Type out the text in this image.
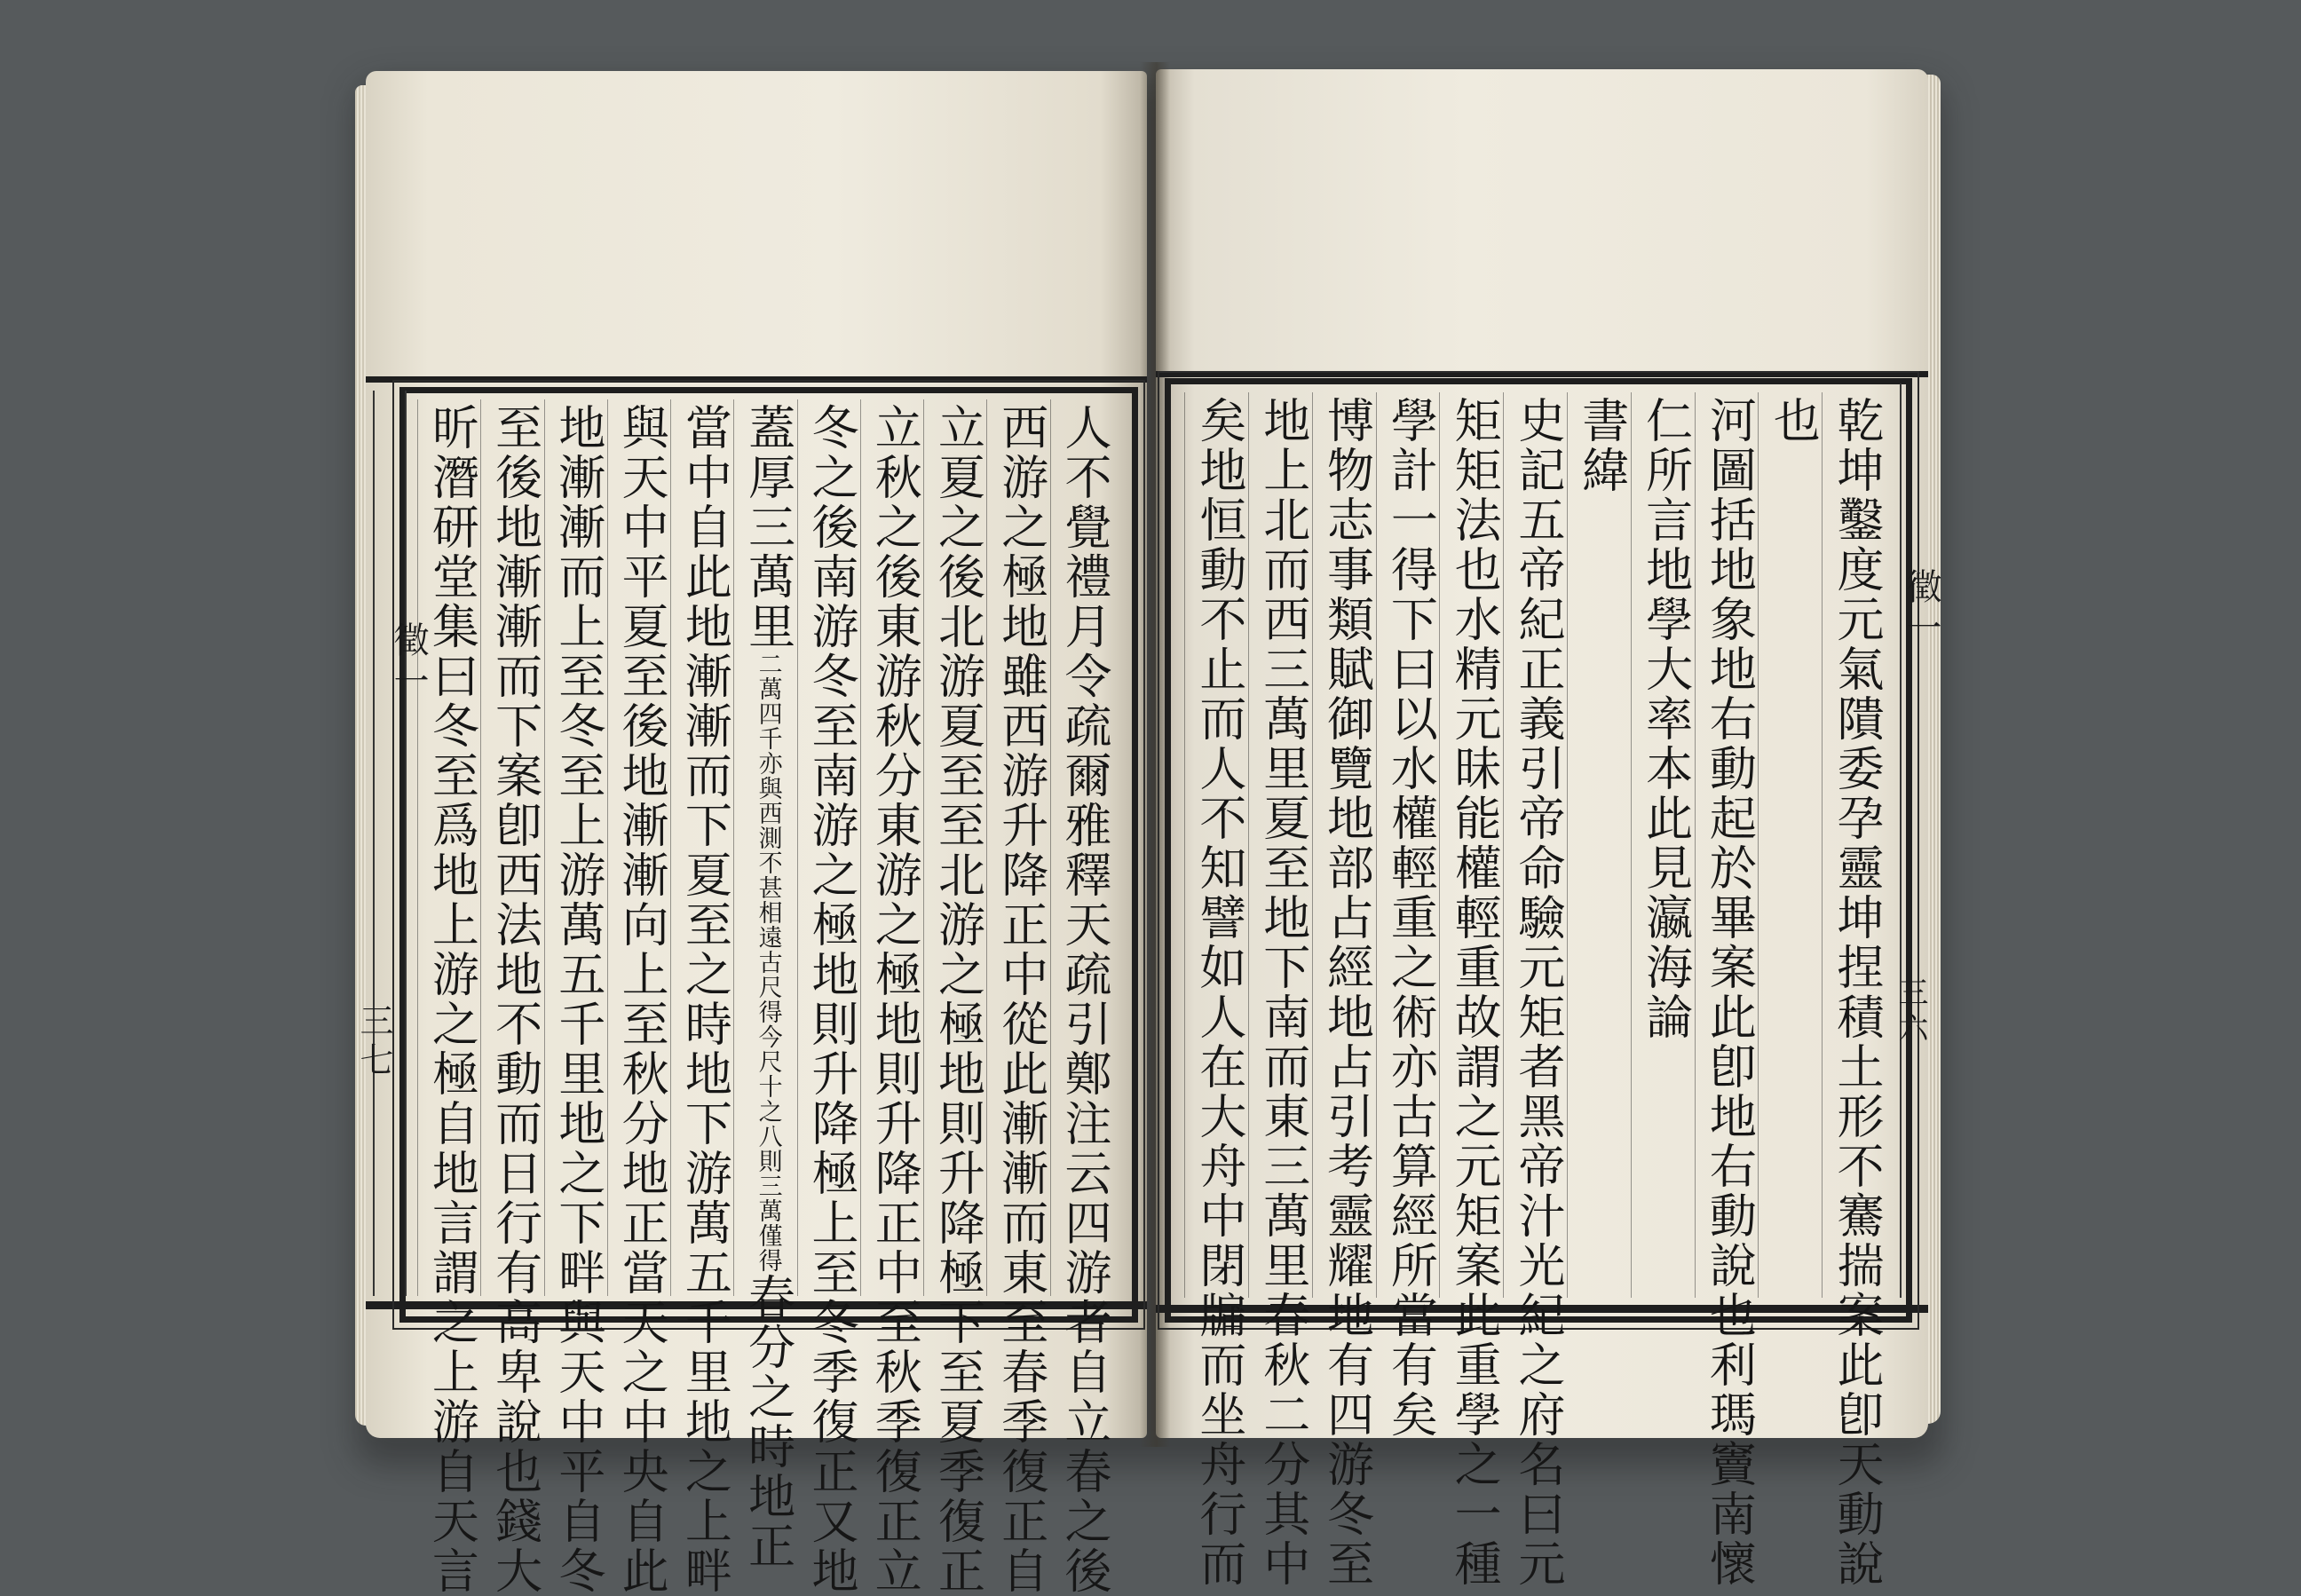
徵一
三七
徵一
三六
人不覺禮月令疏爾雅釋天疏引鄭注云四游者自立春之後
西游之極地雖西游升降正中從此漸漸而東至春季復正自
立夏之後北游夏至至北游之極地則升降極下至夏季復正
立秋之後東游秋分東游之極地則升降正中至秋季復正立
冬之後南游冬至南游之極地則升降極上至冬季復正又地
蓋厚三萬里二萬四千亦與西測不甚相遠古尺得今尺十之八則三萬僅得春分之時地正
當中自此地漸漸而下夏至之時地下游萬五千里地之上畔
與天中平夏至後地漸漸向上至秋分地正當天之中央自此
地漸漸而上至冬至上游萬五千里地之下畔與天中平自冬
至後地漸漸而下案卽西法地不動而日行有高卑說也錢大
昕潛研堂集曰冬至爲地上游之極自地言謂之上游自天言	乾坤鑿度元氣隤委孕靈坤捏積土形不騫揣案此卽天動說
也
河圖括地象地右動起於畢案此卽地右動說也利瑪竇南懷
仁所言地學大率本此見瀛海論
書緯
史記五帝紀正義引帝命驗元矩者黑帝汁光紀之府名曰元
矩矩法也水精元昧能權輕重故謂之元矩案此重學之一種
學計一得下曰以水權輕重之術亦古算經所當有矣
博物志事類賦御覽地部占經地占引考靈耀地有四游冬至
地上北而西三萬里夏至地下南而東三萬里春秋二分其中
矣地恒動不止而人不知譬如人在大舟中閉牖而坐舟行而
